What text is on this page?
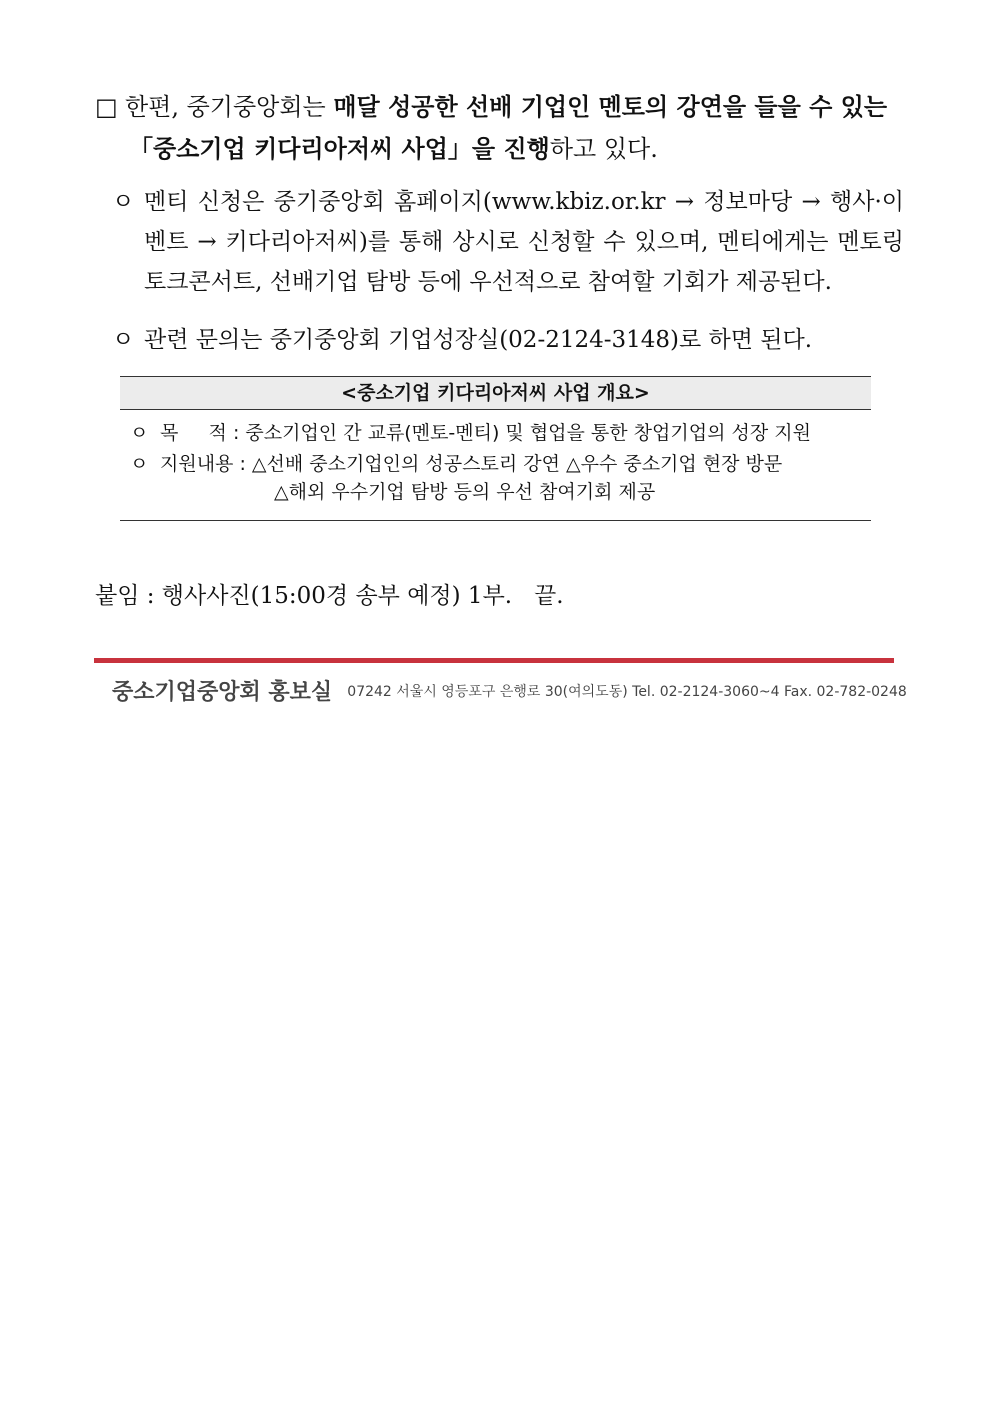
□ 한편, 중기중앙회는 매달 성공한 선배 기업인 멘토의 강연을 들을 수 있는
「중소기업 키다리아저씨 사업」을 진행하고 있다.
ㅇ 멘티 신청은 중기중앙회 홈페이지(www.kbiz.or.kr → 정보마당 → 행사·이벤트 → 키다리아저씨)를 통해 상시로 신청할 수 있으며, 멘티에게는 멘토링 토크콘서트, 선배기업 탐방 등에 우선적으로 참여할 기회가 제공된다.
ㅇ 관련 문의는 중기중앙회 기업성장실(02-2124-3148)로 하면 된다.
<중소기업 키다리아저씨 사업 개요>
ㅇ 목     적 : 중소기업인 간 교류(멘토-멘티) 및 협업을 통한 창업기업의 성장 지원
ㅇ 지원내용 : △선배 중소기업인의 성공스토리 강연 △우수 중소기업 현장 방문
△해외 우수기업 탐방 등의 우선 참여기회 제공
붙임 : 행사사진(15:00경 송부 예정) 1부.   끝.
중소기업중앙회 홍보실 07242 서울시 영등포구 은행로 30(여의도동) Tel. 02-2124-3060~4 Fax. 02-782-0248
